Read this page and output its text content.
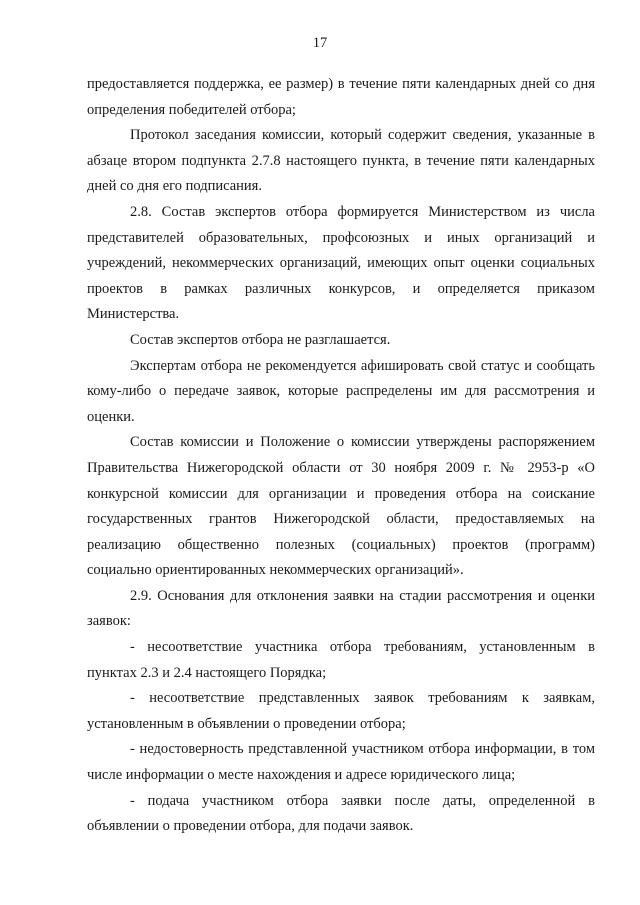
17

предоставляется поддержка, ее размер) в течение пяти календарных дней со дня определения победителей отбора;

Протокол заседания комиссии, который содержит сведения, указанные в абзаце втором подпункта 2.7.8 настоящего пункта, в течение пяти календарных дней со дня его подписания.

2.8. Состав экспертов отбора формируется Министерством из числа представителей образовательных, профсоюзных и иных организаций и учреждений, некоммерческих организаций, имеющих опыт оценки социальных проектов в рамках различных конкурсов, и определяется приказом Министерства.

Состав экспертов отбора не разглашается.

Экспертам отбора не рекомендуется афишировать свой статус и сообщать кому-либо о передаче заявок, которые распределены им для рассмотрения и оценки.

Состав комиссии и Положение о комиссии утверждены распоряжением Правительства Нижегородской области от 30 ноября 2009 г. № 2953-р «О конкурсной комиссии для организации и проведения отбора на соискание государственных грантов Нижегородской области, предоставляемых на реализацию общественно полезных (социальных) проектов (программ) социально ориентированных некоммерческих организаций».

2.9. Основания для отклонения заявки на стадии рассмотрения и оценки заявок:

- несоответствие участника отбора требованиям, установленным в пунктах 2.3 и 2.4 настоящего Порядка;

- несоответствие представленных заявок требованиям к заявкам, установленным в объявлении о проведении отбора;

- недостоверность представленной участником отбора информации, в том числе информации о месте нахождения и адресе юридического лица;

- подача участником отбора заявки после даты, определенной в объявлении о проведении отбора, для подачи заявок.
